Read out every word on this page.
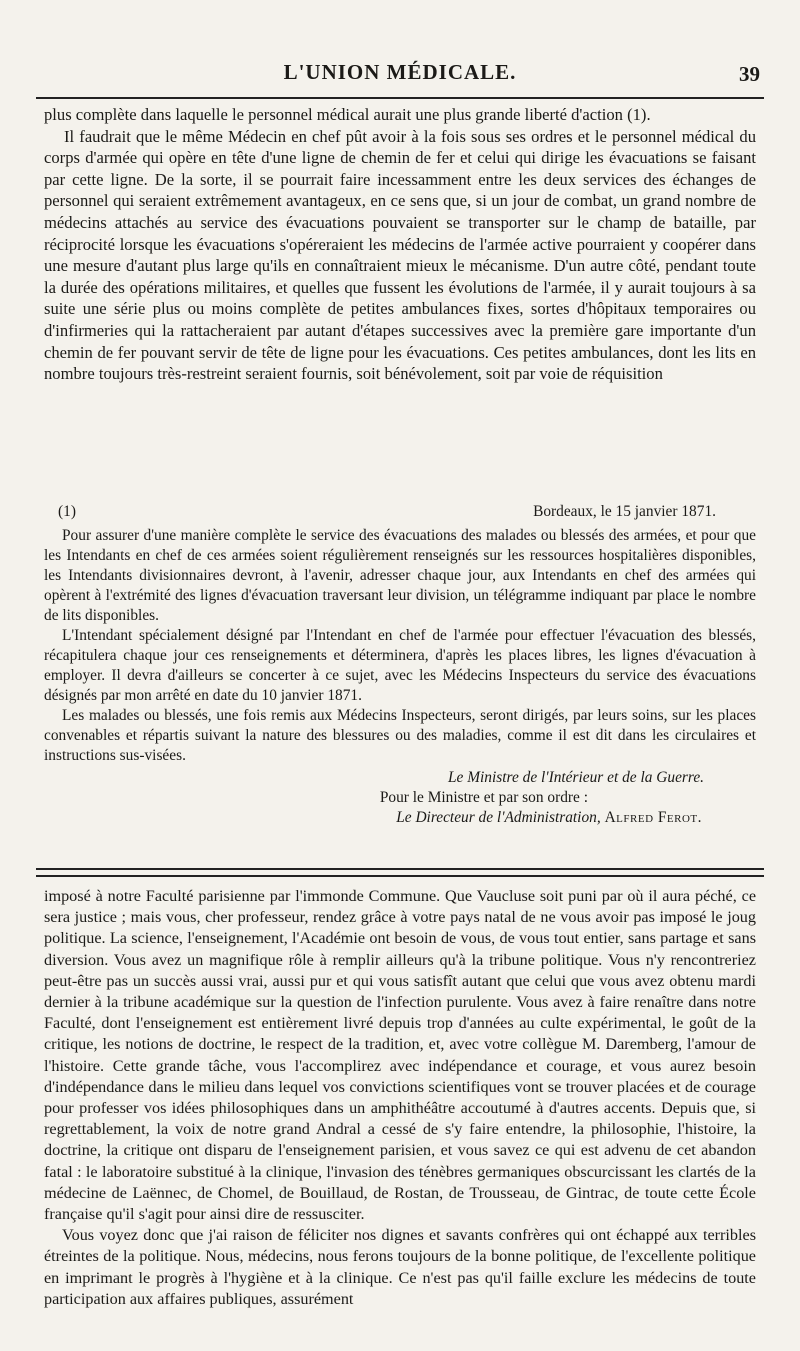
L'UNION MÉDICALE.	39

plus complète dans laquelle le personnel médical aurait une plus grande liberté d'action (1).

Il faudrait que le même Médecin en chef pût avoir à la fois sous ses ordres et le personnel médical du corps d'armée qui opère en tête d'une ligne de chemin de fer et celui qui dirige les évacuations se faisant par cette ligne. De la sorte, il se pourrait faire incessamment entre les deux services des échanges de personnel qui seraient extrêmement avantageux, en ce sens que, si un jour de combat, un grand nombre de médecins attachés au service des évacuations pouvaient se transporter sur le champ de bataille, par réciprocité lorsque les évacuations s'opéreraient les médecins de l'armée active pourraient y coopérer dans une mesure d'autant plus large qu'ils en connaîtraient mieux le mécanisme. D'un autre côté, pendant toute la durée des opérations militaires, et quelles que fussent les évolutions de l'armée, il y aurait toujours à sa suite une série plus ou moins complète de petites ambulances fixes, sortes d'hôpitaux temporaires ou d'infirmeries qui la rattacheraient par autant d'étapes successives avec la première gare importante d'un chemin de fer pouvant servir de tête de ligne pour les évacuations. Ces petites ambulances, dont les lits en nombre toujours très-restreint seraient fournis, soit bénévolement, soit par voie de réquisition

(1)	Bordeaux, le 15 janvier 1871.

Pour assurer d'une manière complète le service des évacuations des malades ou blessés des armées, et pour que les Intendants en chef de ces armées soient régulièrement renseignés sur les ressources hospitalières disponibles, les Intendants divisionnaires devront, à l'avenir, adresser chaque jour, aux Intendants en chef des armées qui opèrent à l'extrémité des lignes d'évacuation traversant leur division, un télégramme indiquant par place le nombre de lits disponibles.

L'Intendant spécialement désigné par l'Intendant en chef de l'armée pour effectuer l'évacuation des blessés, récapitulera chaque jour ces renseignements et déterminera, d'après les places libres, les lignes d'évacuation à employer. Il devra d'ailleurs se concerter à ce sujet, avec les Médecins Inspecteurs du service des évacuations désignés par mon arrêté en date du 10 janvier 1871.

Les malades ou blessés, une fois remis aux Médecins Inspecteurs, seront dirigés, par leurs soins, sur les places convenables et répartis suivant la nature des blessures ou des maladies, comme il est dit dans les circulaires et instructions sus-visées.

Le Ministre de l'Intérieur et de la Guerre.
Pour le Ministre et par son ordre :
Le Directeur de l'Administration, Alfred Ferot.

imposé à notre Faculté parisienne par l'immonde Commune. Que Vaucluse soit puni par où il aura péché, ce sera justice ; mais vous, cher professeur, rendez grâce à votre pays natal de ne vous avoir pas imposé le joug politique. La science, l'enseignement, l'Académie ont besoin de vous, de vous tout entier, sans partage et sans diversion. Vous avez un magnifique rôle à remplir ailleurs qu'à la tribune politique. Vous n'y rencontreriez peut-être pas un succès aussi vrai, aussi pur et qui vous satisfît autant que celui que vous avez obtenu mardi dernier à la tribune académique sur la question de l'infection purulente. Vous avez à faire renaître dans notre Faculté, dont l'enseignement est entièrement livré depuis trop d'années au culte expérimental, le goût de la critique, les notions de doctrine, le respect de la tradition, et, avec votre collègue M. Daremberg, l'amour de l'histoire. Cette grande tâche, vous l'accomplirez avec indépendance et courage, et vous aurez besoin d'indépendance dans le milieu dans lequel vos convictions scientifiques vont se trouver placées et de courage pour professer vos idées philosophiques dans un amphithéâtre accoutumé à d'autres accents. Depuis que, si regrettablement, la voix de notre grand Andral a cessé de s'y faire entendre, la philosophie, l'histoire, la doctrine, la critique ont disparu de l'enseignement parisien, et vous savez ce qui est advenu de cet abandon fatal : le laboratoire substitué à la clinique, l'invasion des ténèbres germaniques obscurcissant les clartés de la médecine de Laënnec, de Chomel, de Bouillaud, de Rostan, de Trousseau, de Gintrac, de toute cette École française qu'il s'agit pour ainsi dire de ressusciter.

Vous voyez donc que j'ai raison de féliciter nos dignes et savants confrères qui ont échappé aux terribles étreintes de la politique. Nous, médecins, nous ferons toujours de la bonne politique, de l'excellente politique en imprimant le progrès à l'hygiène et à la clinique. Ce n'est pas qu'il faille exclure les médecins de toute participation aux affaires publiques, assurément
